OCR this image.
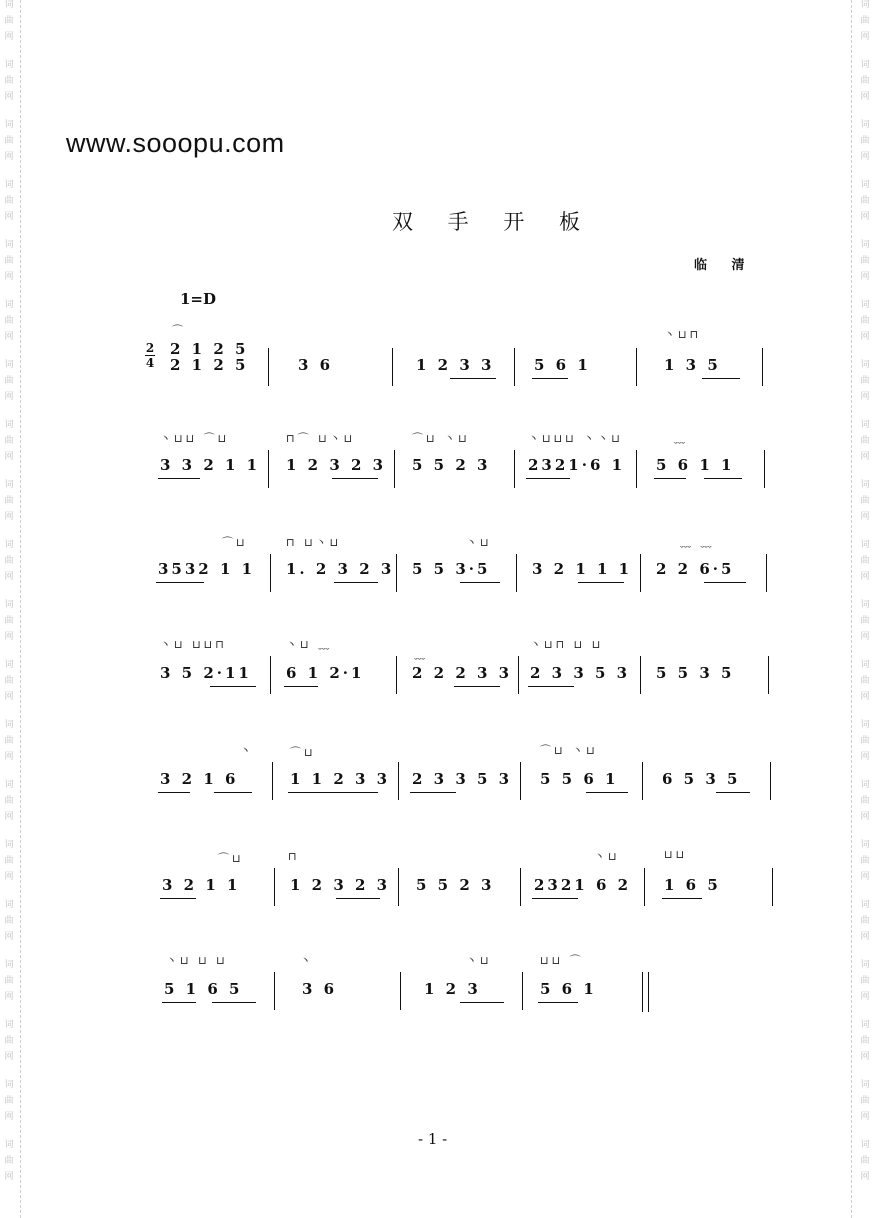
词
曲
网
词
曲
网
词
曲
网
词
曲
网
词
曲
网
词
曲
网
词
曲
网
词
曲
网
词
曲
网
词
曲
网
词
曲
网
词
曲
网
词
曲
网
词
曲
网
词
曲
网
词
曲
网
词
曲
网
词
曲
网
词
曲
网
词
曲
网
词
曲
网
词
曲
网
词
曲
网
词
曲
网
词
曲
网
词
曲
网
词
曲
网
词
曲
网
词
曲
网
词
曲
网
词
曲
网
词
曲
网
词
曲
网
词
曲
网
词
曲
网
词
曲
网
词
曲
网
词
曲
网
词
曲
网
词
曲
网
www.sooopu.com
双 手 开 板
临 清
1=D
2
4
⌒
2 1 2 5
2 1 2 5	3 6	1 2 3 3	5 6 1
丶⊔⊓
1 3 5
丶⊔⊔ ⌒⊔
3 3 2 1 1
⊓⌒ ⊔丶⊔
1 2 3 2 3
⌒⊔ 丶⊔
5 5 2 3
丶⊔⊔⊔ 丶丶⊔
2321·6 1
﹏
5 6 1 1
⌒⊔
3532 1 1
⊓ ⊔丶⊔
1. 2 3 2 3
丶⊔
5 5 3·5	3 2 1 1 1
﹏ ﹏
2 2 6·5
丶⊔ ⊔⊔⊓
3 5 2·11
丶⊔ ﹏
6 1 2·1
﹏
2 2 2 3 3
丶⊔⊓ ⊔ ⊔
2 3 3 5 3 5 5 3 5
丶
3 2 1 6
⌒⊔
1 1 2 3 3 2 3 3 5 3
⌒⊔ 丶⊔
5 5 6 1	6 5 3 5
⌒⊔
3 2 1 1
⊓
1 2 3 2 3 5 5 2 3
丶⊔
2321 6 2
⊔⊔
1 6 5
丶⊔ ⊔ ⊔
5 1 6 5
丶
3 6
丶⊔
1 2 3
⊔⊔ ⌒
5 6 1
- 1 -
